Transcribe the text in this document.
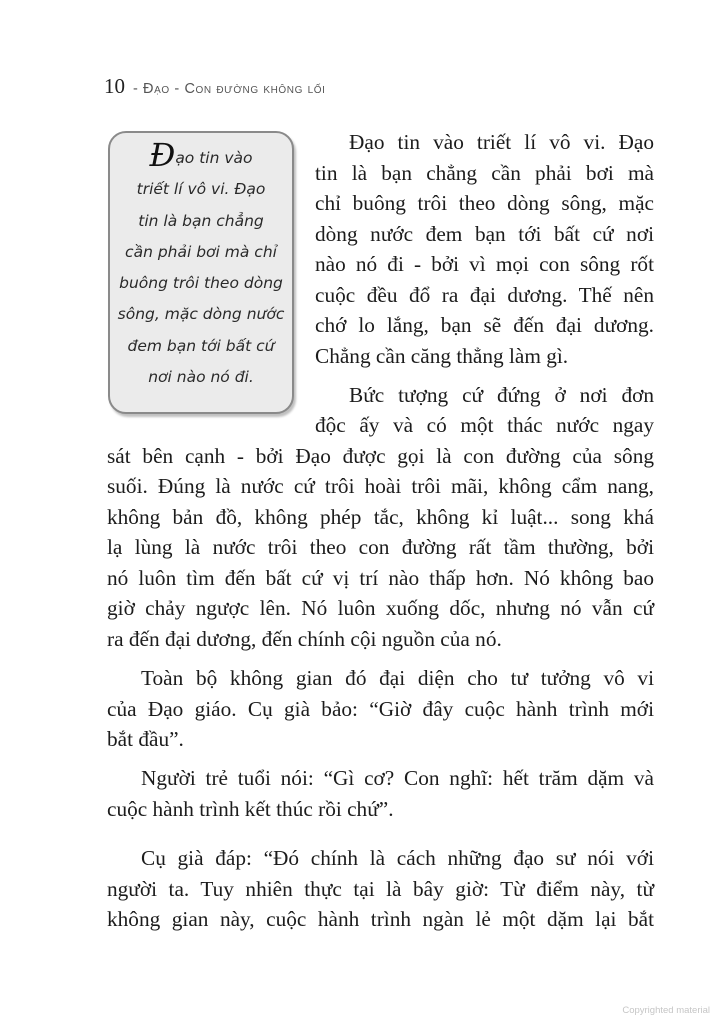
10 - Đạo - Con đường không lối
Đạo tin vào
triết lí vô vi. Đạo
tin là bạn chẳng
cần phải bơi mà chỉ
buông trôi theo dòng
sông, mặc dòng nước
đem bạn tới bất cứ
nơi nào nó đi.
Đạo tin vào triết lí vô vi. Đạo
tin là bạn chẳng cần phải bơi mà
chỉ buông trôi theo dòng sông, mặc
dòng nước đem bạn tới bất cứ nơi
nào nó đi - bởi vì mọi con sông rốt
cuộc đều đổ ra đại dương. Thế nên
chớ lo lắng, bạn sẽ đến đại dương.
Chẳng cần căng thẳng làm gì.
Bức tượng cứ đứng ở nơi đơn
độc ấy và có một thác nước ngay
sát bên cạnh - bởi Đạo được gọi là con đường của sông
suối. Đúng là nước cứ trôi hoài trôi mãi, không cẩm nang,
không bản đồ, không phép tắc, không kỉ luật... song khá
lạ lùng là nước trôi theo con đường rất tầm thường, bởi
nó luôn tìm đến bất cứ vị trí nào thấp hơn. Nó không bao
giờ chảy ngược lên. Nó luôn xuống dốc, nhưng nó vẫn cứ
ra đến đại dương, đến chính cội nguồn của nó.
Toàn bộ không gian đó đại diện cho tư tưởng vô vi
của Đạo giáo. Cụ già bảo: “Giờ đây cuộc hành trình mới
bắt đầu”.
Người trẻ tuổi nói: “Gì cơ? Con nghĩ: hết trăm dặm và
cuộc hành trình kết thúc rồi chứ”.
Cụ già đáp: “Đó chính là cách những đạo sư nói với
người ta. Tuy nhiên thực tại là bây giờ: Từ điểm này, từ
không gian này, cuộc hành trình ngàn lẻ một dặm lại bắt
Copyrighted material
